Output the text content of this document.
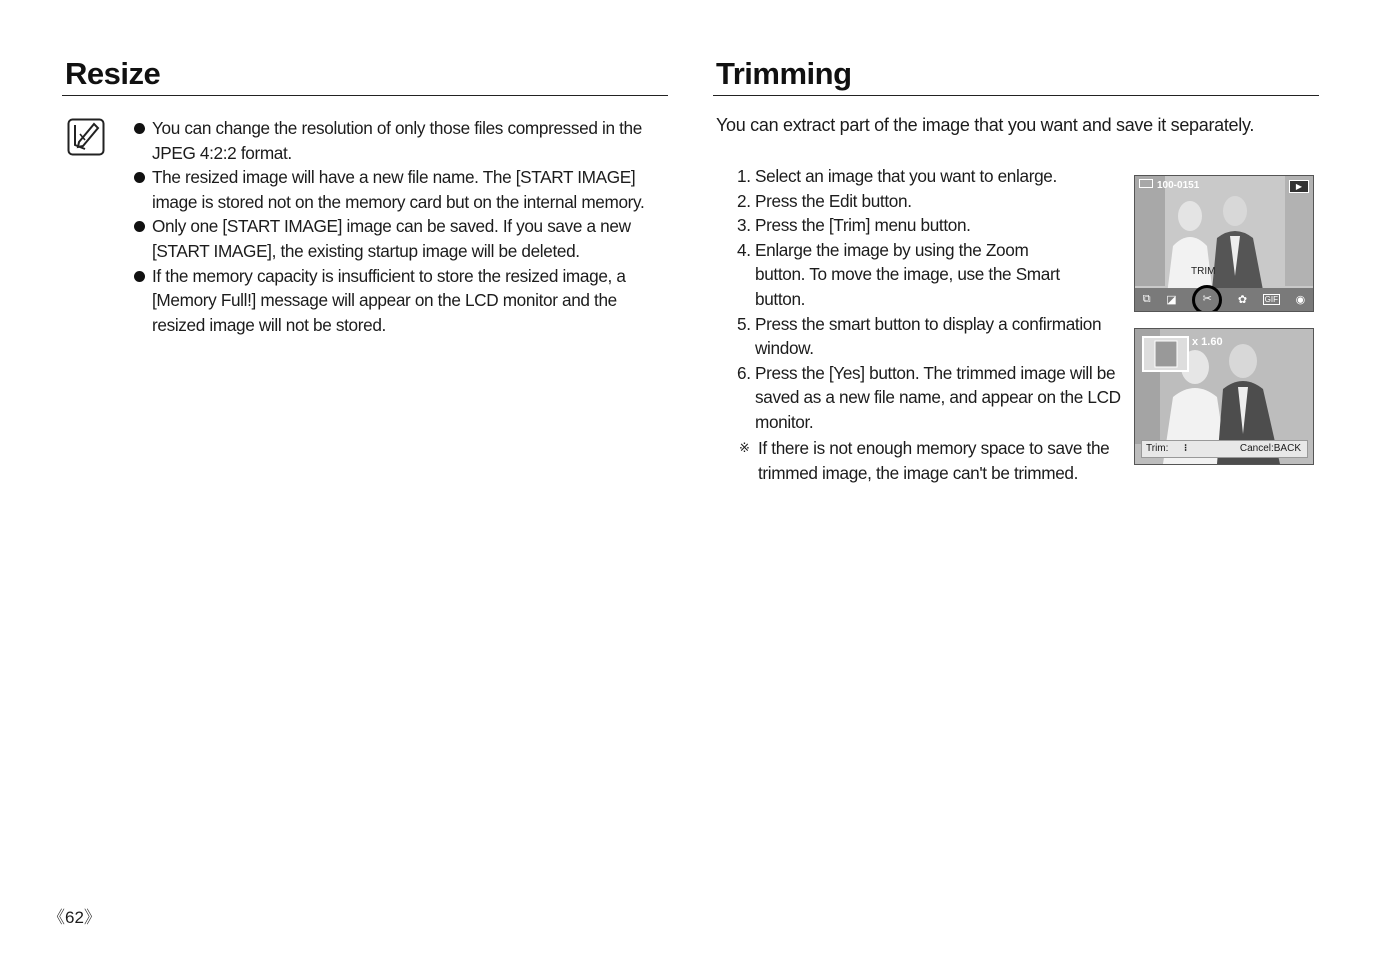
Resize
You can change the resolution of only those files compressed in the JPEG 4:2:2 format.
The resized image will have a new file name. The [START IMAGE] image is stored not on the memory card but on the internal memory.
Only one [START IMAGE] image can be saved. If you save a new [START IMAGE], the existing startup image will be deleted.
If the memory capacity is insufficient to store the resized image, a [Memory Full!] message will appear on the LCD monitor and the resized image will not be stored.
Trimming
You can extract part of the image that you want and save it separately.
1. Select an image that you want to enlarge.
2. Press the Edit button.
3. Press the [Trim] menu button.
4. Enlarge the image by using the Zoom button. To move the image, use the Smart button.
5. Press the smart button to display a confirmation window.
6. Press the [Yes] button. The trimmed image will be saved as a new file name, and appear on the LCD monitor.
※ If there is not enough memory space to save the trimmed image, the image can't be trimmed.
100-0151	▶
TRIM
⧉ ◪	✂	✿ GIF ◉
x 1.60
Trim: ⁝	Cancel:BACK
《62》
